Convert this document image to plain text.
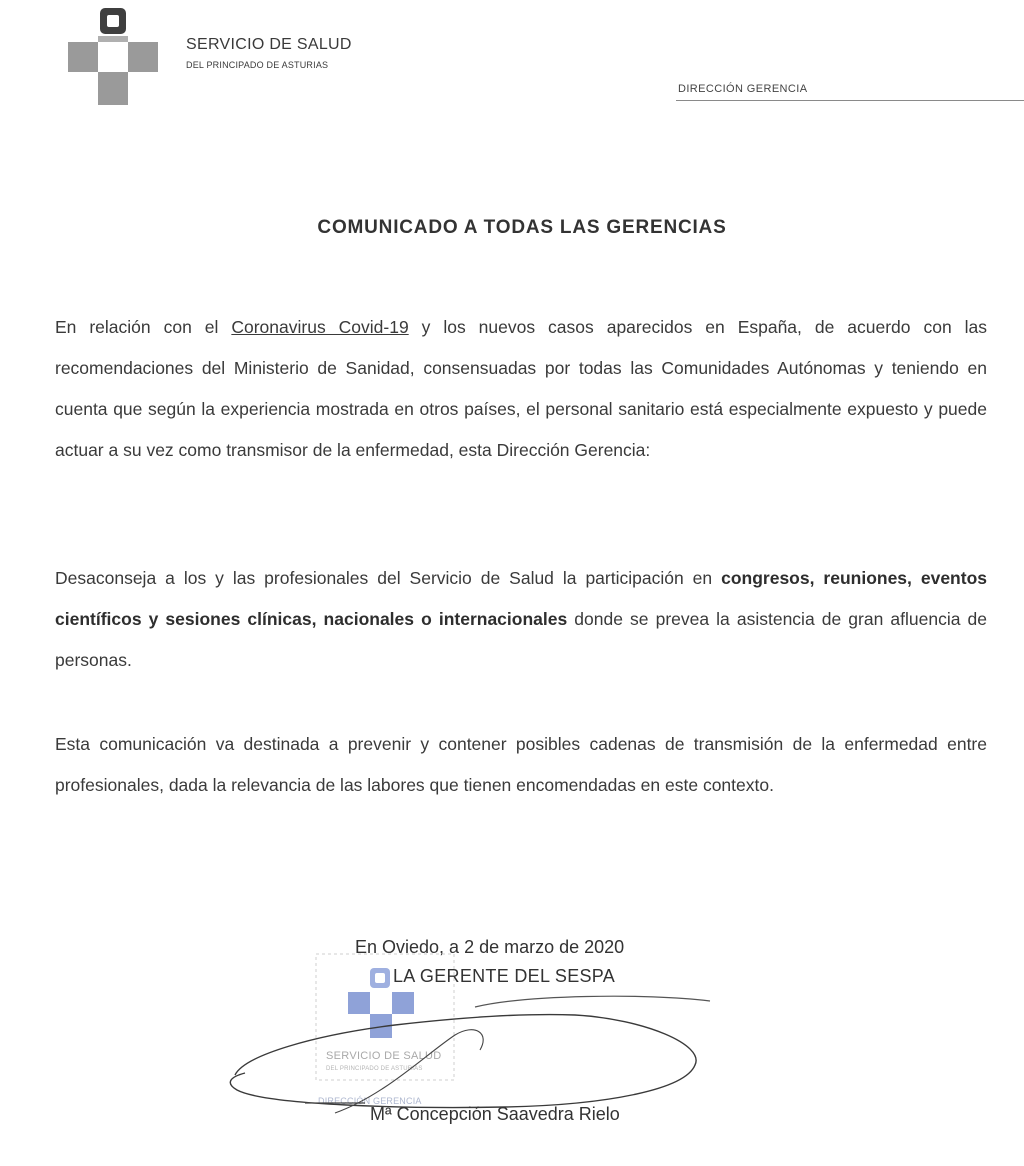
SERVICIO DE SALUD
DEL PRINCIPADO DE ASTURIAS
DIRECCIÓN GERENCIA
COMUNICADO A TODAS LAS GERENCIAS
En relación con el Coronavirus Covid-19 y los nuevos casos aparecidos en España, de acuerdo con las recomendaciones del Ministerio de Sanidad, consensuadas por todas las Comunidades Autónomas y teniendo en cuenta que según la experiencia mostrada en otros países, el personal sanitario está especialmente expuesto y puede actuar a su vez como transmisor de la enfermedad, esta Dirección Gerencia:
Desaconseja a los y las profesionales del Servicio de Salud la participación en congresos, reuniones, eventos científicos y sesiones clínicas, nacionales o internacionales donde se prevea la asistencia de gran afluencia de personas.
Esta comunicación va destinada a prevenir y contener posibles cadenas de transmisión de la enfermedad entre profesionales, dada la relevancia de las labores que tienen encomendadas en este contexto.
SERVICIO DE SALUD
DEL PRINCIPADO DE ASTURIAS
DIRECCIÓN GERENCIA
En Oviedo, a 2 de marzo de 2020
LA GERENTE DEL SESPA
Mª Concepción Saavedra Rielo
